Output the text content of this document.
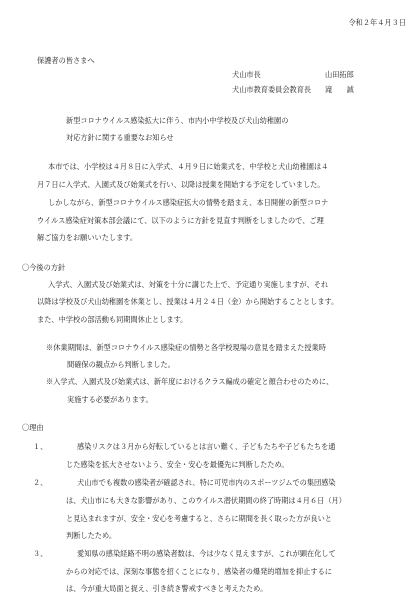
令和２年４月３日
保護者の皆さまへ
犬山市長	山田拓郎
犬山市教育委員会教育長 滝　　誠
新型コロナウイルス感染拡大に伴う、市内小中学校及び犬山幼稚園の
対応方針に関する重要なお知らせ
本市では、小学校は４月８日に入学式、４月９日に始業式を、中学校と犬山幼稚園は４
月７日に入学式、入園式及び始業式を行い、以降は授業を開始する予定をしていました。
しかしながら、新型コロナウイルス感染症拡大の情勢を踏まえ、本日開催の新型コロナ
ウイルス感染症対策本部会議にて、以下のように方針を見直す判断をしましたので、ご理
解ご協力をお願いいたします。
〇今後の方針
入学式、入園式及び始業式は、対策を十分に講じた上で、予定通り実施しますが、それ
以降は学校及び犬山幼稚園を休業とし、授業は４月２４日（金）から開始することとします。
また、中学校の部活動も同期間休止とします。
※休業期間は、新型コロナウイルス感染症の情勢と各学校現場の意見を踏まえた授業時
間確保の観点から判断しました。
※入学式、入園式及び始業式は、新年度におけるクラス編成の確定と顔合わせのために、
実施する必要があります。
〇理由
１、	感染リスクは３月から好転しているとは言い難く、子どもたちや子どもたちを通
じた感染を拡大させないよう、安全・安心を最優先に判断したため。
２、	犬山市でも複数の感染者が確認され、特に可児市内のスポーツジムでの集団感染
は、犬山市にも大きな影響があり、このウイルス潜伏期間の終了時期は４月６日（月）
と見込まれますが、安全・安心を考慮すると、さらに期間を長く取った方が良いと
判断したため。
３、	愛知県の感染経路不明の感染者数は、今は少なく見えますが、これが顕在化して
からの対応では、深刻な事態を招くことになり、感染者の爆発的増加を抑止するに
は、今が重大局面と捉え、引き続き警戒すべきと考えたため。
